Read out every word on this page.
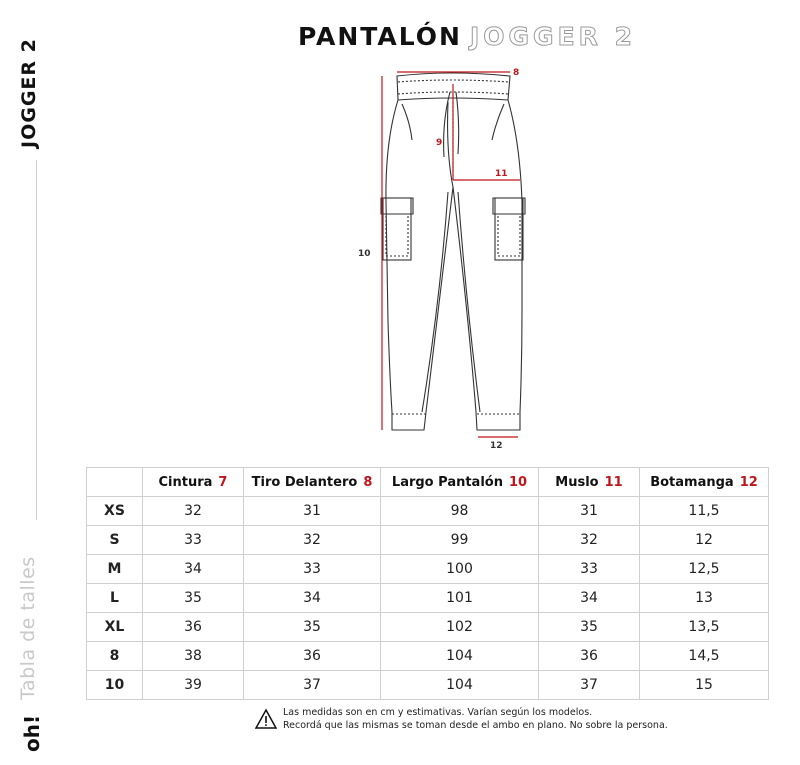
JOGGER 2
Tabla de talles
oh!
PANTALÓN JOGGER 2
8
9
10
11
12
	Cintura 7	Tiro Delantero 8	Largo Pantalón 10	Muslo 11	Botamanga 12
XS	32	31	98	31	11,5
S	33	32	99	32	12
M	34	33	100	33	12,5
L	35	34	101	34	13
XL	36	35	102	35	13,5
8	38	36	104	36	14,5
10	39	37	104	37	15
Las medidas son en cm y estimativas. Varían según los modelos.
Recordá que las mismas se toman desde el ambo en plano. No sobre la persona.
